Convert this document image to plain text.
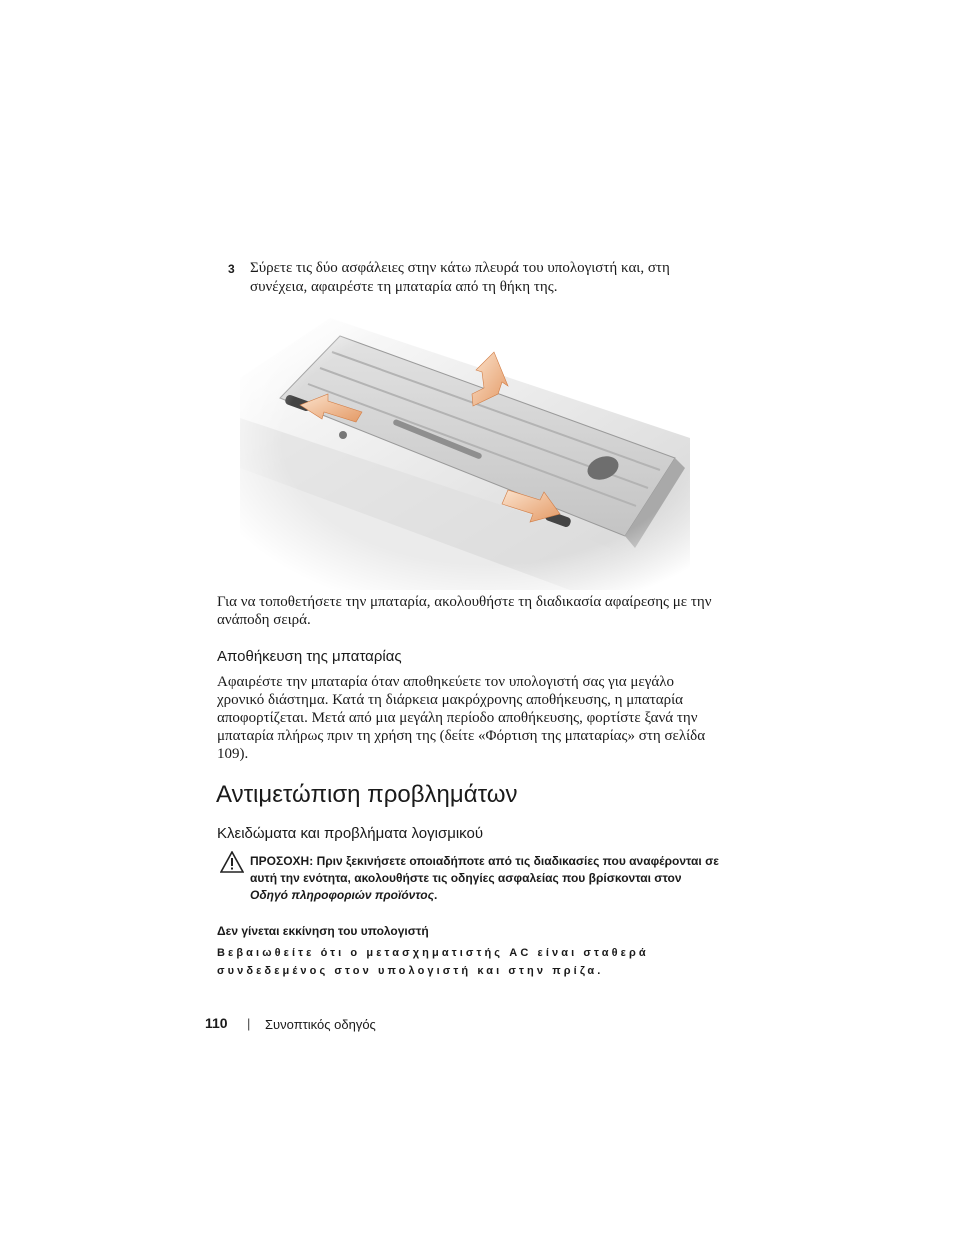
3 Σύρετε τις δύο ασφάλειες στην κάτω πλευρά του υπολογιστή και, στη συνέχεια, αφαιρέστε τη μπαταρία από τη θήκη της.
Για να τοποθετήσετε την μπαταρία, ακολουθήστε τη διαδικασία αφαίρεσης με την ανάποδη σειρά.
Αποθήκευση της μπαταρίας
Αφαιρέστε την μπαταρία όταν αποθηκεύετε τον υπολογιστή σας για μεγάλο χρονικό διάστημα. Κατά τη διάρκεια μακρόχρονης αποθήκευσης, η μπαταρία αποφορτίζεται. Μετά από μια μεγάλη περίοδο αποθήκευσης, φορτίστε ξανά την μπαταρία πλήρως πριν τη χρήση της (δείτε «Φόρτιση της μπαταρίας» στη σελίδα 109).
Αντιμετώπιση προβλημάτων
Κλειδώματα και προβλήματα λογισμικού
ΠΡΟΣΟΧΗ: Πριν ξεκινήσετε οποιαδήποτε από τις διαδικασίες που αναφέρονται σε αυτή την ενότητα, ακολουθήστε τις οδηγίες ασφαλείας που βρίσκονται στον Οδηγό πληροφοριών προϊόντος.
Δεν γίνεται εκκίνηση του υπολογιστή
Βεβαιωθείτε ότι ο μετασχηματιστής AC είναι σταθερά συνδεδεμένος στον υπολογιστή και στην πρίζα.
110 | Συνοπτικός οδηγός
